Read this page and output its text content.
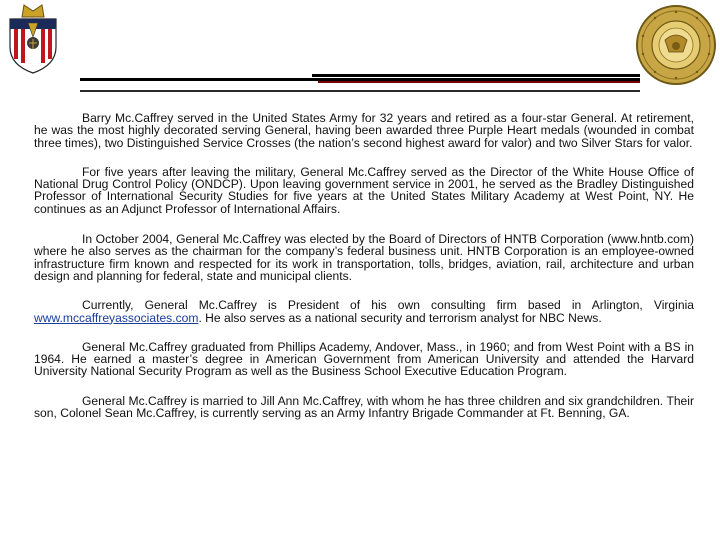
Barry Mc.Caffrey served in the United States Army for 32 years and retired as a four-star General. At retirement, he was the most highly decorated serving General, having been awarded three Purple Heart medals (wounded in combat three times), two Distinguished Service Crosses (the nation’s second highest award for valor) and two Silver Stars for valor.

For five years after leaving the military, General Mc.Caffrey served as the Director of the White House Office of National Drug Control Policy (ONDCP). Upon leaving government service in 2001, he served as the Bradley Distinguished Professor of International Security Studies for five years at the United States Military Academy at West Point, NY. He continues as an Adjunct Professor of International Affairs.

In October 2004, General Mc.Caffrey was elected by the Board of Directors of HNTB Corporation (www.hntb.com) where he also serves as the chairman for the company’s federal business unit. HNTB Corporation is an employee-owned infrastructure firm known and respected for its work in transportation, tolls, bridges, aviation, rail, architecture and urban design and planning for federal, state and municipal clients.

Currently, General Mc.Caffrey is President of his own consulting firm based in Arlington, Virginia www.mccaffreyassociates.com. He also serves as a national security and terrorism analyst for NBC News.

General Mc.Caffrey graduated from Phillips Academy, Andover, Mass., in 1960; and from West Point with a BS in 1964. He earned a master’s degree in American Government from American University and attended the Harvard University National Security Program as well as the Business School Executive Education Program.

General Mc.Caffrey is married to Jill Ann Mc.Caffrey, with whom he has three children and six grandchildren. Their son, Colonel Sean Mc.Caffrey, is currently serving as an Army Infantry Brigade Commander at Ft. Benning, GA.
